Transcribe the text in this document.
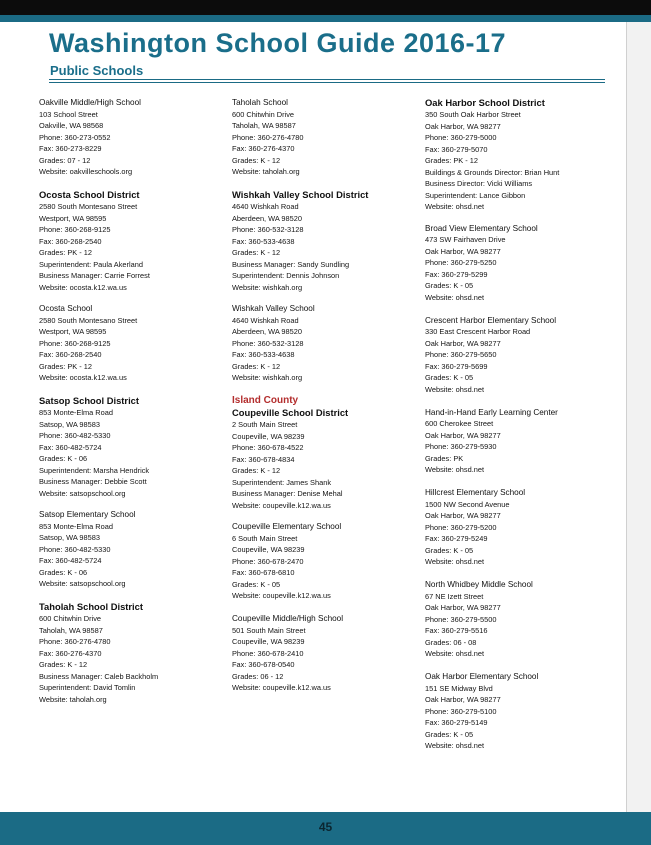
Washington School Guide 2016-17
Public Schools
Oakville Middle/High School
103 School Street
Oakville, WA 98568
Phone: 360-273-0552
Fax: 360-273-8229
Grades: 07 - 12
Website: oakvilleschools.org
Ocosta School District
2580 South Montesano Street
Westport, WA 98595
Phone: 360-268-9125
Fax: 360-268-2540
Grades: PK - 12
Superintendent: Paula Akerland
Business Manager: Carrie Forrest
Website: ocosta.k12.wa.us
Ocosta School
2580 South Montesano Street
Westport, WA 98595
Phone: 360-268-9125
Fax: 360-268-2540
Grades: PK - 12
Website: ocosta.k12.wa.us
Satsop School District
853 Monte-Elma Road
Satsop, WA 98583
Phone: 360-482-5330
Fax: 360-482-5724
Grades: K - 06
Superintendent: Marsha Hendrick
Business Manager: Debbie Scott
Website: satsopschool.org
Satsop Elementary School
853 Monte-Elma Road
Satsop, WA 98583
Phone: 360-482-5330
Fax: 360-482-5724
Grades: K - 06
Website: satsopschool.org
Taholah School District
600 Chitwhin Drive
Taholah, WA 98587
Phone: 360-276-4780
Fax: 360-276-4370
Grades: K - 12
Business Manager: Caleb Backholm
Superintendent: David Tomlin
Website: taholah.org
Taholah School
600 Chitwhin Drive
Taholah, WA 98587
Phone: 360-276-4780
Fax: 360-276-4370
Grades: K - 12
Website: taholah.org
Wishkah Valley School District
4640 Wishkah Road
Aberdeen, WA 98520
Phone: 360-532-3128
Fax: 360-533-4638
Grades: K - 12
Business Manager: Sandy Sundling
Superintendent: Dennis Johnson
Website: wishkah.org
Wishkah Valley School
4640 Wishkah Road
Aberdeen, WA 98520
Phone: 360-532-3128
Fax: 360-533-4638
Grades: K - 12
Website: wishkah.org
Island County
Coupeville School District
2 South Main Street
Coupeville, WA 98239
Phone: 360-678-4522
Fax: 360-678-4834
Grades: K - 12
Superintendent: James Shank
Business Manager: Denise Mehal
Website: coupeville.k12.wa.us
Coupeville Elementary School
6 South Main Street
Coupeville, WA 98239
Phone: 360-678-2470
Fax: 360-678-6810
Grades: K - 05
Website: coupeville.k12.wa.us
Coupeville Middle/High School
501 South Main Street
Coupeville, WA 98239
Phone: 360-678-2410
Fax: 360-678-0540
Grades: 06 - 12
Website: coupeville.k12.wa.us
Oak Harbor School District
350 South Oak Harbor Street
Oak Harbor, WA 98277
Phone: 360-279-5000
Fax: 360-279-5070
Grades: PK - 12
Buildings & Grounds Director: Brian Hunt
Business Director: Vicki Williams
Superintendent: Lance Gibbon
Website: ohsd.net
Broad View Elementary School
473 SW Fairhaven Drive
Oak Harbor, WA 98277
Phone: 360-279-5250
Fax: 360-279-5299
Grades: K - 05
Website: ohsd.net
Crescent Harbor Elementary School
330 East Crescent Harbor Road
Oak Harbor, WA 98277
Phone: 360-279-5650
Fax: 360-279-5699
Grades: K - 05
Website: ohsd.net
Hand-in-Hand Early Learning Center
600 Cherokee Street
Oak Harbor, WA 98277
Phone: 360-279-5930
Grades: PK
Website: ohsd.net
Hillcrest Elementary School
1500 NW Second Avenue
Oak Harbor, WA 98277
Phone: 360-279-5200
Fax: 360-279-5249
Grades: K - 05
Website: ohsd.net
North Whidbey Middle School
67 NE Izett Street
Oak Harbor, WA 98277
Phone: 360-279-5500
Fax: 360-279-5516
Grades: 06 - 08
Website: ohsd.net
Oak Harbor Elementary School
151 SE Midway Blvd
Oak Harbor, WA 98277
Phone: 360-279-5100
Fax: 360-279-5149
Grades: K - 05
Website: ohsd.net
45
